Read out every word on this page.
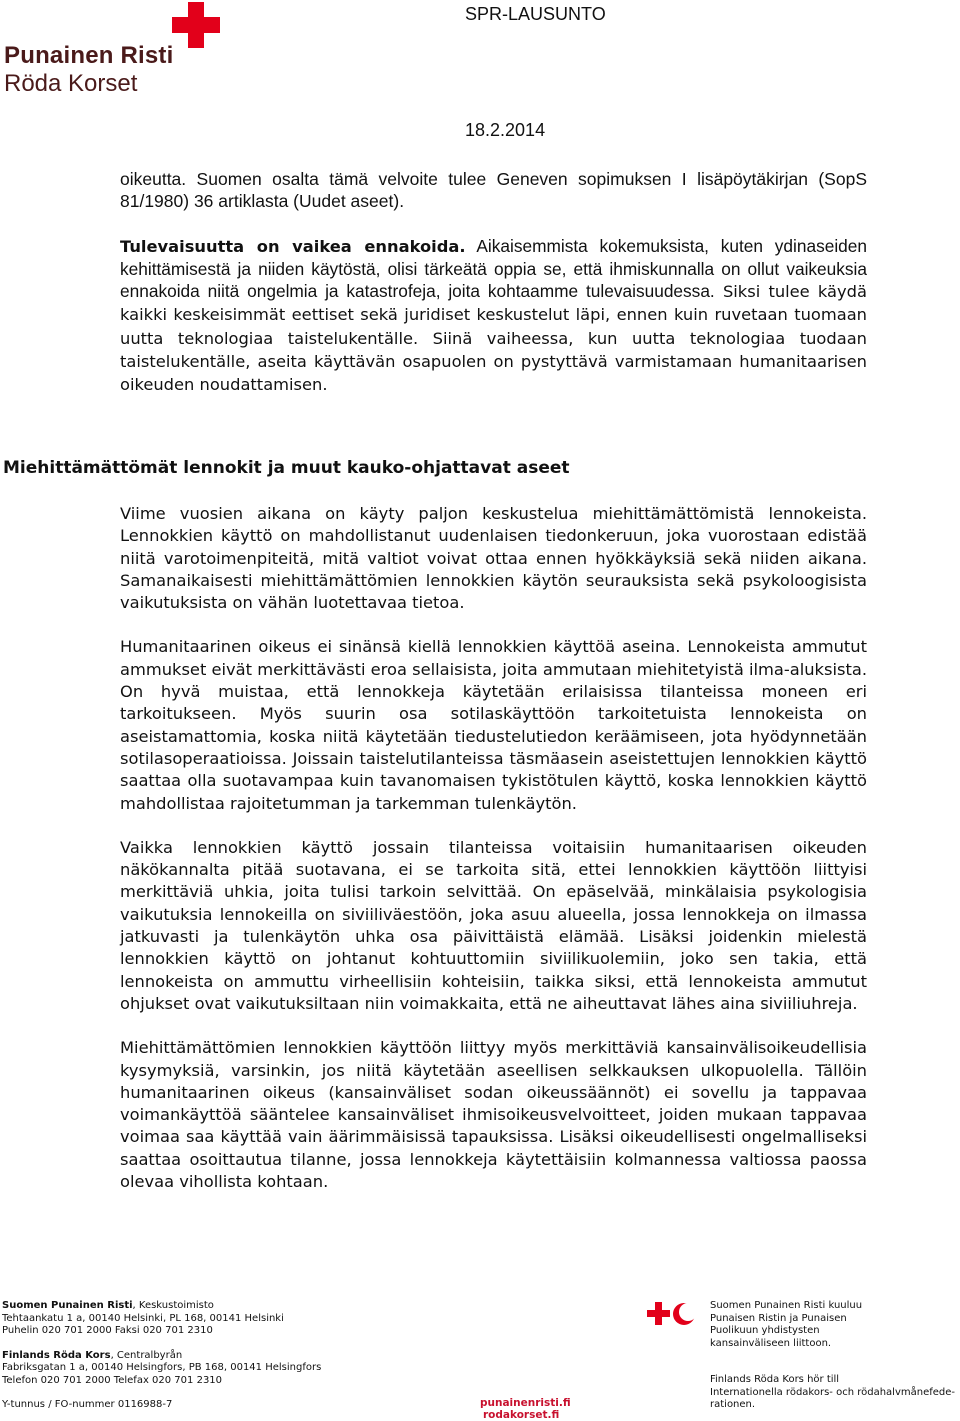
Punainen Risti
Röda Korset
SPR-LAUSUNTO
18.2.2014

oikeutta. Suomen osalta tämä velvoite tulee Geneven sopimuksen I lisäpöytäkirjan (SopS 81/1980) 36 artiklasta (Uudet aseet).

Tulevaisuutta on vaikea ennakoida. Aikaisemmista kokemuksista, kuten ydinaseiden kehittämisestä ja niiden käytöstä, olisi tärkeätä oppia se, että ihmiskunnalla on ollut vaikeuksia ennakoida niitä ongelmia ja katastrofeja, joita kohtaamme tulevaisuudessa. Siksi tulee käydä kaikki keskeisimmät eettiset sekä juridiset keskustelut läpi, ennen kuin ruvetaan tuomaan uutta teknologiaa taistelukentälle. Siinä vaiheessa, kun uutta teknologiaa tuodaan taistelukentälle, aseita käyttävän osapuolen on pystyttävä varmistamaan humanitaarisen oikeuden noudattamisen.

Miehittämättömät lennokit ja muut kauko-ohjattavat aseet

Viime vuosien aikana on käyty paljon keskustelua miehittämättömistä lennokeista. Lennokkien käyttö on mahdollistanut uudenlaisen tiedonkeruun, joka vuorostaan edistää niitä varotoimenpiteitä, mitä valtiot voivat ottaa ennen hyökkäyksiä sekä niiden aikana. Samanaikaisesti miehittämättömien lennokkien käytön seurauksista sekä psykoloogisista vaikutuksista on vähän luotettavaa tietoa.

Humanitaarinen oikeus ei sinänsä kiellä lennokkien käyttöä aseina. Lennokeista ammutut ammukset eivät merkittävästi eroa sellaisista, joita ammutaan miehitetyistä ilma-aluksista. On hyvä muistaa, että lennokkeja käytetään erilaisissa tilanteissa moneen eri tarkoitukseen. Myös suurin osa sotilaskäyttöön tarkoitetuista lennokeista on aseistamattomia, koska niitä käytetään tiedustelutiedon keräämiseen, jota hyödynnetään sotilasoperaatioissa. Joissain taistelutilanteissa täsmäasein aseistettujen lennokkien käyttö saattaa olla suotavampaa kuin tavanomaisen tykistötulen käyttö, koska lennokkien käyttö mahdollistaa rajoitetumman ja tarkemman tulenkäytön.

Vaikka lennokkien käyttö jossain tilanteissa voitaisiin humanitaarisen oikeuden näkökannalta pitää suotavana, ei se tarkoita sitä, ettei lennokkien käyttöön liittyisi merkittäviä uhkia, joita tulisi tarkoin selvittää. On epäselvää, minkälaisia psykologisia vaikutuksia lennokeilla on siviiliväestöön, joka asuu alueella, jossa lennokkeja on ilmassa jatkuvasti ja tulenkäytön uhka osa päivittäistä elämää. Lisäksi joidenkin mielestä lennokkien käyttö on johtanut kohtuuttomiin siviilikuolemiin, joko sen takia, että lennokeista on ammuttu virheellisiin kohteisiin, taikka siksi, että lennokeista ammutut ohjukset ovat vaikutuksiltaan niin voimakkaita, että ne aiheuttavat lähes aina siviiliuhreja.

Miehittämättömien lennokkien käyttöön liittyy myös merkittäviä kansainvälisoikeudellisia kysymyksiä, varsinkin, jos niitä käytetään aseellisen selkkauksen ulkopuolella. Tällöin humanitaarinen oikeus (kansainväliset sodan oikeussäännöt) ei sovellu ja tappavaa voimankäyttöä sääntelee kansainväliset ihmisoikeusvelvoitteet, joiden mukaan tappavaa voimaa saa käyttää vain äärimmäisissä tapauksissa. Lisäksi oikeudellisesti ongelmalliseksi saattaa osoittautua tilanne, jossa lennokkeja käytettäisiin kolmannessa valtiossa paossa olevaa vihollista kohtaan.

Suomen Punainen Risti, Keskustoimisto
Tehtaankatu 1 a, 00140 Helsinki, PL 168, 00141 Helsinki
Puhelin 020 701 2000 Faksi 020 701 2310
Finlands Röda Kors, Centralbyrån
Fabriksgatan 1 a, 00140 Helsingfors, PB 168, 00141 Helsingfors
Telefon 020 701 2000 Telefax 020 701 2310
Y-tunnus / FO-nummer 0116988-7	punainenristi.fi
rodakorset.fi
Suomen Punainen Risti kuuluu
Punaisen Ristin ja Punaisen
Puolikuun yhdistysten
kansainväliseen liittoon.
Finlands Röda Kors hör till
Internationella rödakors- och rödahalvmånefede-
rationen.
